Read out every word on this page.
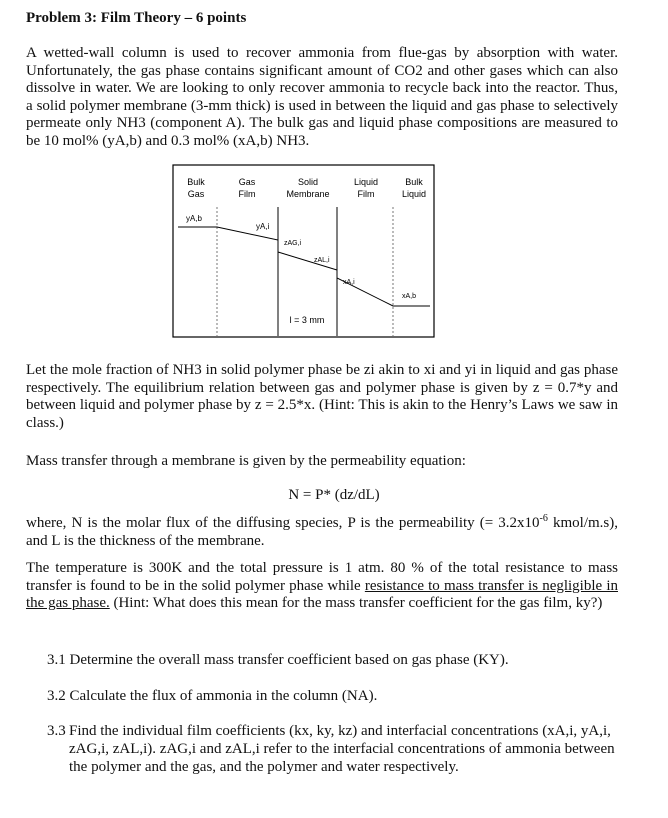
Problem 3: Film Theory – 6 points
A wetted-wall column is used to recover ammonia from flue-gas by absorption with water. Unfortunately, the gas phase contains significant amount of CO2 and other gases which can also dissolve in water. We are looking to only recover ammonia to recycle back into the reactor. Thus, a solid polymer membrane (3-mm thick) is used in between the liquid and gas phase to selectively permeate only NH3 (component A). The bulk gas and liquid phase compositions are measured to be 10 mol% (yA,b) and 0.3 mol% (xA,b) NH3.
Bulk
Gas
Gas
Film
Solid
Membrane
Liquid
Film
Bulk
Liquid
yA,b
yA,i
zAG,i
zAL,i
xA,i
xA,b
l = 3 mm
Let the mole fraction of NH3 in solid polymer phase be zi akin to xi and yi in liquid and gas phase respectively. The equilibrium relation between gas and polymer phase is given by z = 0.7*y and between liquid and polymer phase by z = 2.5*x. (Hint: This is akin to the Henry’s Laws we saw in class.)
Mass transfer through a membrane is given by the permeability equation:
N = P* (dz/dL)
where, N is the molar flux of the diffusing species, P is the permeability (= $3.2x10^{-6}$ kmol/m.s), and L is the thickness of the membrane.
The temperature is 300K and the total pressure is 1 atm. 80 % of the total resistance to mass transfer is found to be in the solid polymer phase while resistance to mass transfer is negligible in the gas phase. (Hint: What does this mean for the mass transfer coefficient for the gas film, ky?)
3.1 Determine the overall mass transfer coefficient based on gas phase (KY).
3.2 Calculate the flux of ammonia in the column (NA).
3.3 Find the individual film coefficients (kx, ky, kz) and interfacial concentrations (xA,i, yA,i, zAG,i, zAL,i). zAG,i and zAL,i refer to the interfacial concentrations of ammonia between the polymer and the gas, and the polymer and water respectively.
